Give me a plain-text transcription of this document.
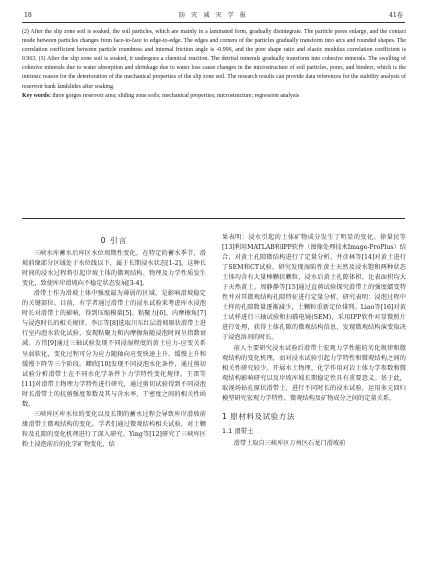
18	防 灾 减 灾 学 报	41卷

(2) After the slip zone soil is soaked, the soil particles, which are mainly in a laminated form, gradually disintegrate. The particle pores enlarge, and the contact mode between particles changes from face-to-face to edge-to-edge. The edges and corners of the particles gradually transform into arcs and rounded shapes. The correlation coefficient between particle roundness and internal friction angle is -0.996, and the pore shape ratio and elastic modulus correlation coefficient is 0.963. (3) After the slip zone soil is soaked, it undergoes a chemical reaction. The detrital minerals gradually transform into cohesive minerals. The swelling of cohesive minerals due to water absorption and shrinkage due to water loss cause changes in the microstructure of soil particles, pores, and binders, which is the intrinsic reason for the deterioration of the mechanical properties of the slip zone soil. The research results can provide data references for the stability analysis of reservoir bank landslides after soaking.

Key words: three gorges reservoir area; sliding zone soils; mechanical properties; microstructure; regression analysis

0 引言

三峡水库蓄水后库区水位周期性变化，在特定的蓄水季节，滑坡前缘部分区域处于水位线以下，属于长期浸水状态[1-2]，这种长时间的浸水过程将引起岸坡土体的微观结构、物理及力学性质发生变化，致使库岸滑坡向不稳定状态发展[3-4]。

滑带土作为滑坡土体中强度最为薄弱的区域，是影响滑坡稳定的关键部位。目前，有学者通过滑带土的浸水试验来考虑库水浸泡时长对滑带土的影响，得到压缩模量[5]、粘聚力[6]、内摩擦角[7]与浸泡时长的相关规律。李江等[8]选取川东红层滑坡原状滑带土进行室内泡水软化试验，发现粘聚力和内摩擦角随浸泡时间呈指数衰减。方伟[9]通过三轴试验发现不同浸湿程度的黄土应力-应变关系呈弱软化，变化过程可分为应力随轴向应变快速上升、缓慢上升和缓慢下降等三个阶段。卿欣[10]发现不同浸泡水化条件，通过剪切试验分析滑带土在不同水化学条件下力学特性变化规律。王雷等[11]对滑带土物理力学特性进行研究，通过剪切试验得到不同浸泡时长滑带土的抗剪强度参数及其与含水率、干密度之间的相关性函数。

三峡库区库水位的变化以及长期的蓄水过程会导致库岸滑坡前缘滑带土微观结构的变化。学者们通过微观结构相关试验，对土颗粒及孔隙的变化机理进行了深入研究。Ying等[12]研究了三峡库区粉土浸泡前后的化学矿物变化，结

果表明：浸水引起的土体矿物成分发生了明显的变化。徐量民等[13]利用MATLAB和IPP软件（图像处理技术Image-ProPlus）结合，对黄土孔隙微结构进行了定量分析。井彦林等[14]对黄土进行了SEM和CT试验，研究发现湿陷性黄土天然及浸水饱和两种状态土体均含有大量棒颗状颗粒，浸水后黄土孔隙体积、比表面积均大于天然黄土。周静静等[15]通过直剪试验探究滑带土的强度蠕变特性并对其微观结构孔隙特征进行定量分析，研究表明：浸泡过程中土样的孔隙数量逐渐减少，土颗粒重新定位排列。Liao等[16]对黄土试样进行三轴试验和扫描电镜(SEM)，采用IPP软件对显微照片进行处理，获得土体孔隙的微观结构信息，发现微观结构演变取决于浸泡溶剂的时长。

前人主要研究浸水试验后滑带土宏观力学性能的劣化规律和微观结构的变化机理，而对浸水试验引起力学特性和微观结构之间的相关性研究较少。开展水土物理、化学作用对岩土体力学参数和微观结构影响研究以及岸坡库坡长期稳定性具有重要意义。基于此，取视场钻孔原状滑带土，进行不同时长的浸水试验，运用多元回归模型研究宏观力学特性、微观结构及矿物成分之间的定量关系。

1 原材料及试验方法
1.1 滑带土

滑带土取自三峡库区万州区石龙门滑坡前
